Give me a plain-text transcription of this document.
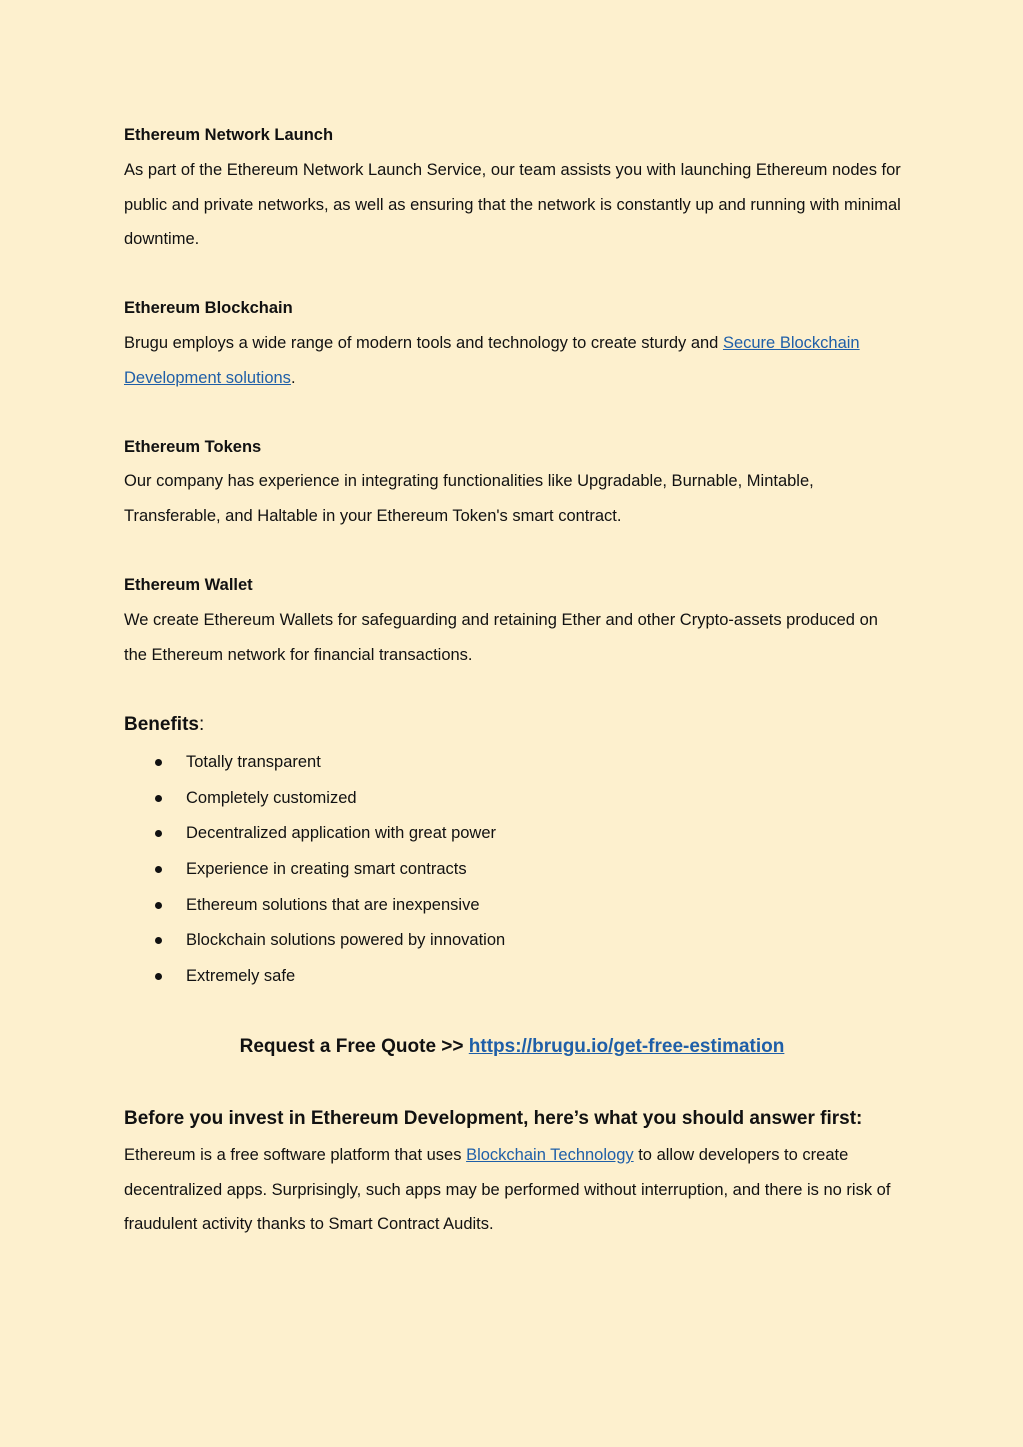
Ethereum Network Launch
As part of the Ethereum Network Launch Service, our team assists you with launching Ethereum nodes for public and private networks, as well as ensuring that the network is constantly up and running with minimal downtime.
Ethereum Blockchain
Brugu employs a wide range of modern tools and technology to create sturdy and Secure Blockchain Development solutions.
Ethereum Tokens
Our company has experience in integrating functionalities like Upgradable, Burnable, Mintable, Transferable, and Haltable in your Ethereum Token's smart contract.
Ethereum Wallet
We create Ethereum Wallets for safeguarding and retaining Ether and other Crypto-assets produced on the Ethereum network for financial transactions.
Benefits:
Totally transparent
Completely customized
Decentralized application with great power
Experience in creating smart contracts
Ethereum solutions that are inexpensive
Blockchain solutions powered by innovation
Extremely safe
Request a Free Quote >> https://brugu.io/get-free-estimation
Before you invest in Ethereum Development, here’s what you should answer first:
Ethereum is a free software platform that uses Blockchain Technology to allow developers to create decentralized apps. Surprisingly, such apps may be performed without interruption, and there is no risk of fraudulent activity thanks to Smart Contract Audits.
